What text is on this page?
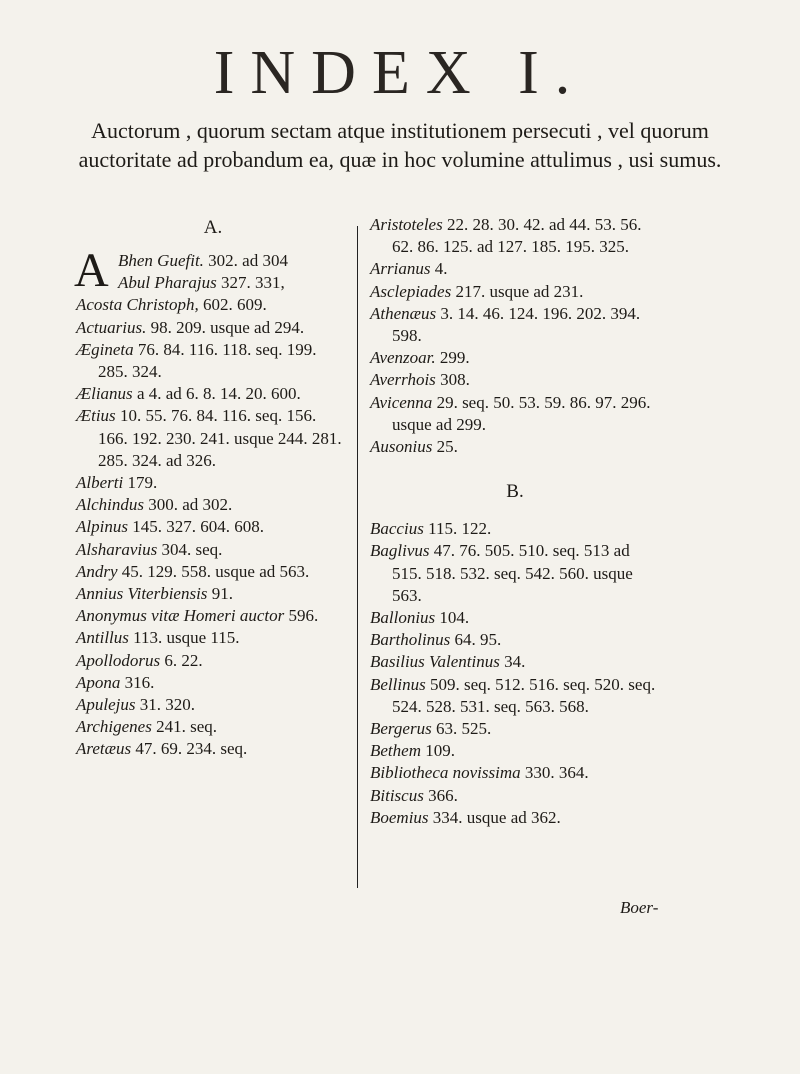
INDEX I.
Auctorum , quorum sectam atque institutionem persecuti , vel quorum auctoritate ad probandum ea, quæ in hoc volumine attulimus , usi sumus.
A.
A Bhen Guefit. 302. ad 304
Abul Pharajus 327. 331,
Acosta Christoph, 602. 609.
Actuarius. 98. 209. usque ad 294.
Ægineta 76. 84. 116. 118. seq. 199. 285. 324.
Ælianus a 4. ad 6. 8. 14. 20. 600.
Ætius 10. 55. 76. 84. 116. seq. 156. 166. 192. 230. 241. usque 244. 281. 285. 324. ad 326.
Alberti 179.
Alchindus 300. ad 302.
Alpinus 145. 327. 604. 608.
Alsharavius 304. seq.
Andry 45. 129. 558. usque ad 563.
Annius Viterbiensis 91.
Anonymus vitæ Homeri auctor 596.
Antillus 113. usque 115.
Apollodorus 6. 22.
Apona 316.
Apulejus 31. 320.
Archigenes 241. seq.
Aretæus 47. 69. 234. seq.
Aristoteles 22. 28. 30. 42. ad 44. 53. 56. 62. 86. 125. ad 127. 185. 195. 325.
Arrianus 4.
Asclepiades 217. usque ad 231.
Athenæus 3. 14. 46. 124. 196. 202. 394. 598.
Avenzoar. 299.
Averrhois 308.
Avicenna 29. seq. 50. 53. 59. 86. 97. 296. usque ad 299.
Ausonius 25.
B.
Baccius 115. 122.
Baglivus 47. 76. 505. 510. seq. 513 ad 515. 518. 532. seq. 542. 560. usque 563.
Ballonius 104.
Bartholinus 64. 95.
Basilius Valentinus 34.
Bellinus 509. seq. 512. 516. seq. 520. seq. 524. 528. 531. seq. 563. 568.
Bergerus 63. 525.
Bethem 109.
Bibliotheca novissima 330. 364.
Bitiscus 366.
Boemius 334. usque ad 362.
Boer-
